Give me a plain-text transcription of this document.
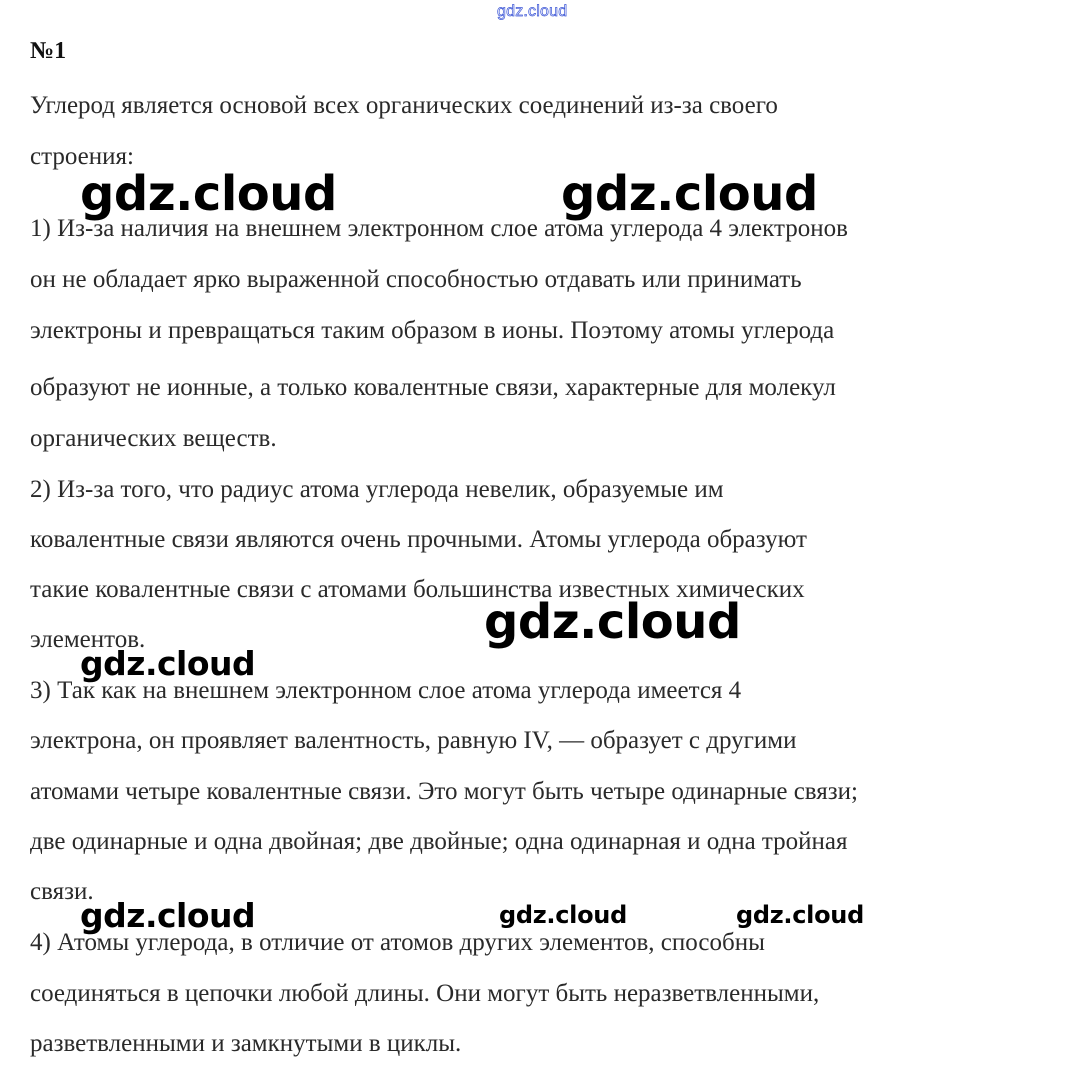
gdz.cloud
№1

Углерод является основой всех органических соединений из-за своего

строения:

1) Из-за наличия на внешнем электронном слое атома углерода 4 электронов

он не обладает ярко выраженной способностью отдавать или принимать

электроны и превращаться таким образом в ионы. Поэтому атомы углерода

образуют не ионные, а только ковалентные связи, характерные для молекул

органических веществ.

2) Из-за того, что радиус атома углерода невелик, образуемые им

ковалентные связи являются очень прочными. Атомы углерода образуют

такие ковалентные связи с атомами большинства известных химических

элементов.

3) Так как на внешнем электронном слое атома углерода имеется 4

электрона, он проявляет валентность, равную IV, — образует с другими

атомами четыре ковалентные связи. Это могут быть четыре одинарные связи;

две одинарные и одна двойная; две двойные; одна одинарная и одна тройная

связи.

4) Атомы углерода, в отличие от атомов других элементов, способны

соединяться в цепочки любой длины. Они могут быть неразветвленными,

разветвленными и замкнутыми в циклы.

gdz.cloud	gdz.cloud
gdz.cloud
gdz.cloud
gdz.cloud	gdz.cloud	gdz.cloud
